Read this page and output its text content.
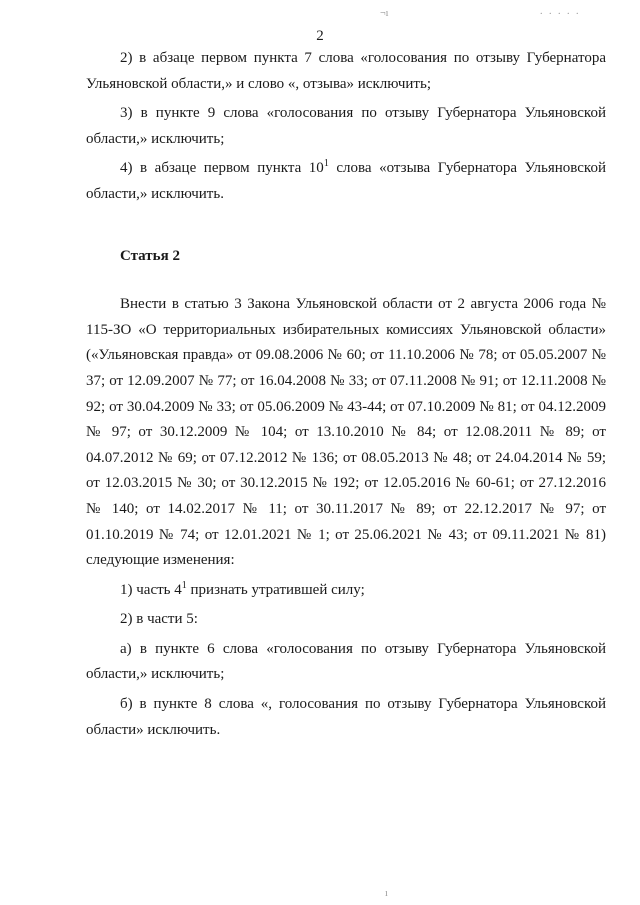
2
¬ı	. . . . .

2) в абзаце первом пункта 7 слова «голосования по отзыву Губернатора

Ульяновской области,» и слово «, отзыва» исключить;

3) в пункте 9 слова «голосования по отзыву Губернатора Ульяновской

области,» исключить;

4) в абзаце первом пункта $10^1$ слова «отзыва Губернатора Ульяновской

области,» исключить.

Статья 2

Внести в статью 3 Закона Ульяновской области от 2 августа 2006 года № 115-ЗО «О территориальных избирательных комиссиях Ульяновской области» («Ульяновская правда» от 09.08.2006 № 60; от 11.10.2006 № 78; от 05.05.2007 № 37; от 12.09.2007 № 77; от 16.04.2008 № 33; от 07.11.2008 № 91; от 12.11.2008 № 92; от 30.04.2009 № 33; от 05.06.2009 № 43-44; от 07.10.2009 № 81; от 04.12.2009 № 97; от 30.12.2009 № 104; от 13.10.2010 № 84; от 12.08.2011 № 89; от 04.07.2012 № 69; от 07.12.2012 № 136; от 08.05.2013 № 48; от 24.04.2014 № 59; от 12.03.2015 № 30; от 30.12.2015 № 192; от 12.05.2016 № 60-61; от 27.12.2016 № 140; от 14.02.2017 № 11; от 30.11.2017 № 89; от 22.12.2017 № 97; от 01.10.2019 № 74; от 12.01.2021 № 1; от 25.06.2021 № 43; от 09.11.2021 № 81) следующие изменения:

1) часть $4^1$ признать утратившей силу;

2) в части 5:

а) в пункте 6 слова «голосования по отзыву Губернатора Ульяновской

области,» исключить;

б) в пункте 8 слова «, голосования по отзыву Губернатора Ульяновской

области» исключить.

ı
